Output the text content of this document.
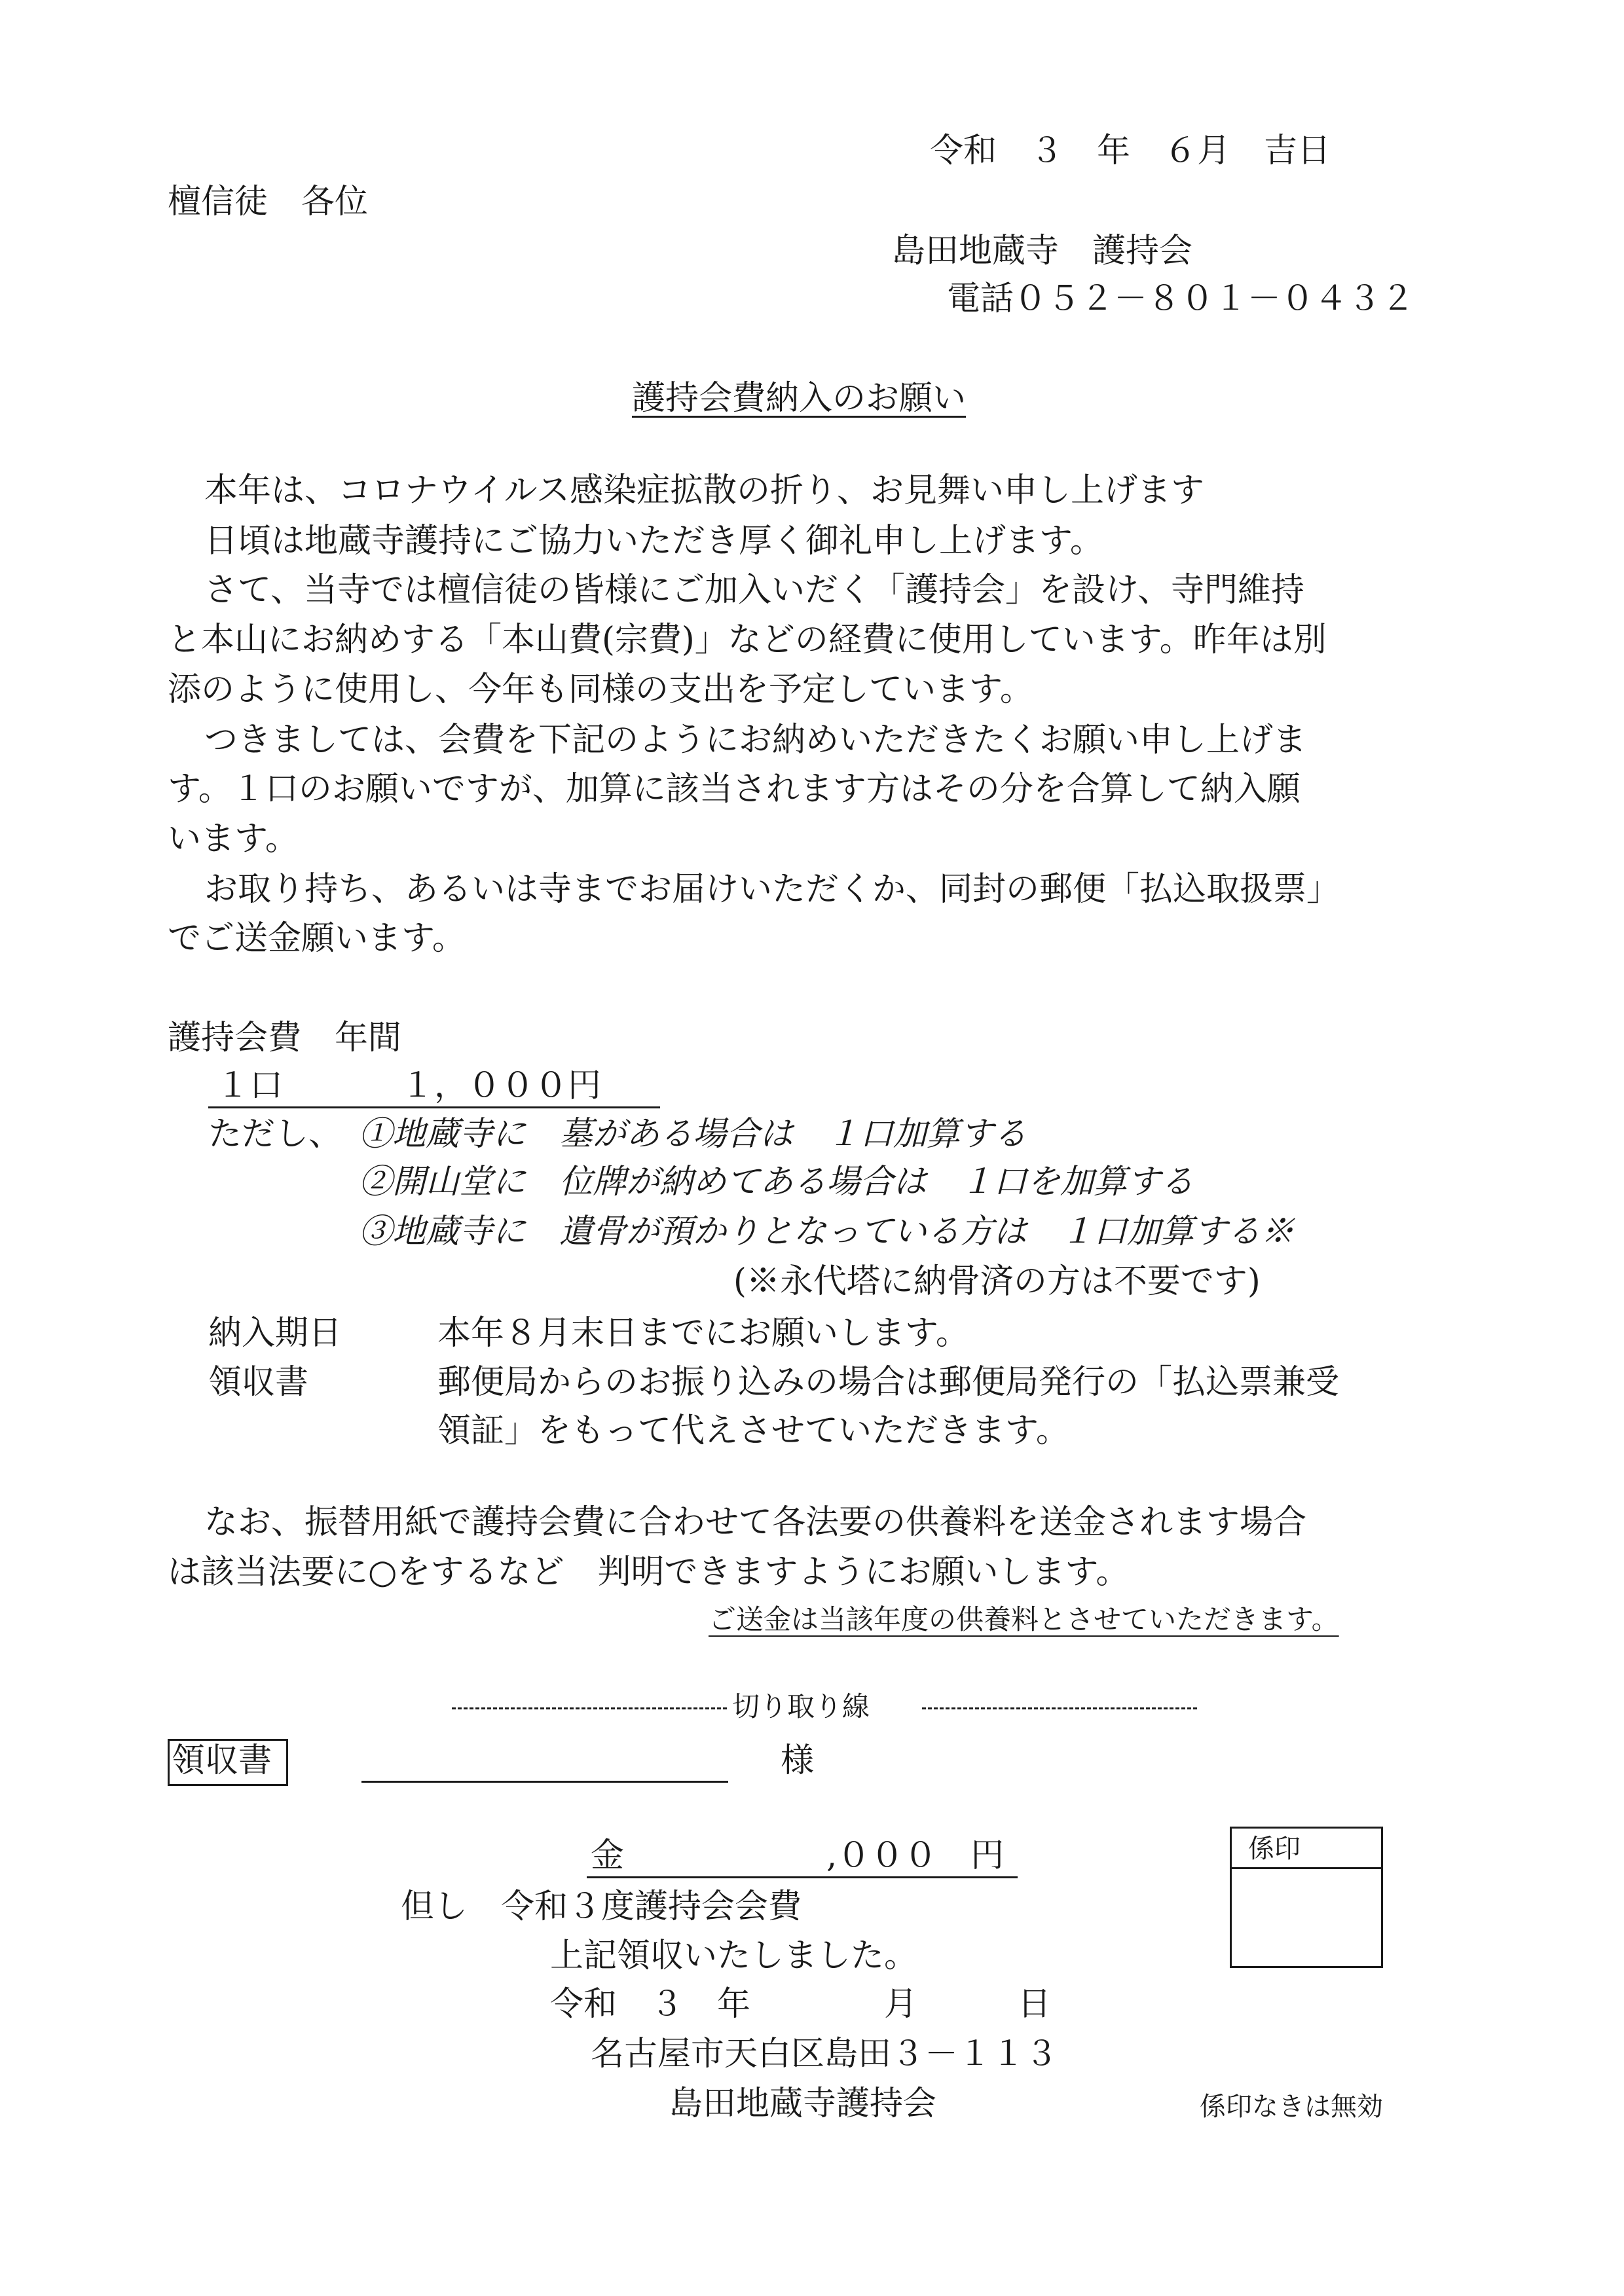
令和　３　年　６月　吉日
檀信徒　各位
島田地蔵寺　護持会
電話０５２－８０１－０４３２
護持会費納入のお願い
本年は、コロナウイルス感染症拡散の折り、お見舞い申し上げます
日頃は地蔵寺護持にご協力いただき厚く御礼申し上げます。
さて、当寺では檀信徒の皆様にご加入いだく「護持会」を設け、寺門維持
と本山にお納めする「本山費(宗費)」などの経費に使用しています。昨年は別
添のように使用し、今年も同様の支出を予定しています。
つきましては、会費を下記のようにお納めいただきたくお願い申し上げま
す。１口のお願いですが、加算に該当されます方はその分を合算して納入願
います。
お取り持ち、あるいは寺までお届けいただくか、同封の郵便「払込取扱票」
でご送金願います。
護持会費　年間
１口	１，０００円
ただし、 ①地蔵寺に　墓がある場合は　１口加算する
②開山堂に　位牌が納めてある場合は　１口を加算する
③地蔵寺に　遺骨が預かりとなっている方は　１口加算する※
(※永代塔に納骨済の方は不要です)
納入期日	本年８月末日までにお願いします。
領収書	郵便局からのお振り込みの場合は郵便局発行の「払込票兼受
領証」をもって代えさせていただきます。
なお、振替用紙で護持会費に合わせて各法要の供養料を送金されます場合
は該当法要に○をするなど　判明できますようにお願いします。
ご送金は当該年度の供養料とさせていただきます。
切り取り線
領収書	様
金	,０００　円
但し　令和３度護持会会費
上記領収いたしました。
令和　３　年　　　　月　　　日
名古屋市天白区島田３－１１３
島田地蔵寺護持会
係印
係印なきは無効
